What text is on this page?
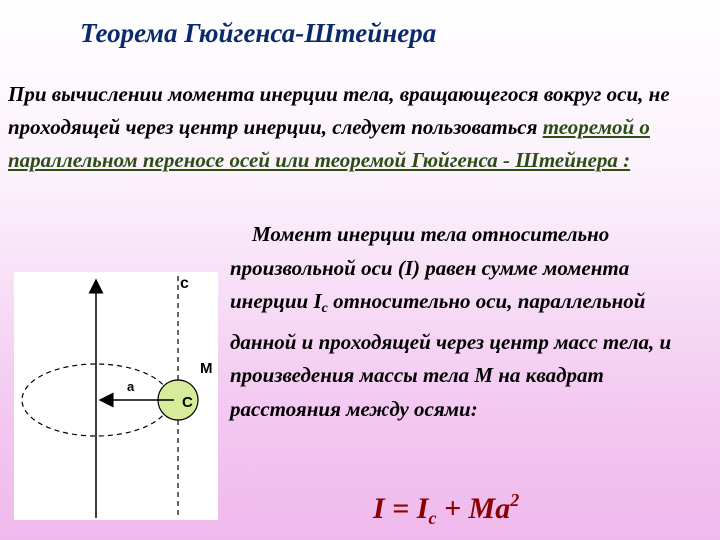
Теорема Гюйгенса-Штейнера
При вычислении момента инерции тела, вращающегося вокруг оси, не проходящей через центр инерции, следует пользоваться теоремой о параллельном переносе осей или теоремой Гюйгенса - Штейнера :
Момент инерции тела относительно произвольной оси (I) равен сумме момента инерции $I_c$ относительно оси, параллельной данной и проходящей через центр масс тела, и произведения массы тела M на квадрат расстояния между осями:
$I = I_c + Ma^2$
a
c
M
C
